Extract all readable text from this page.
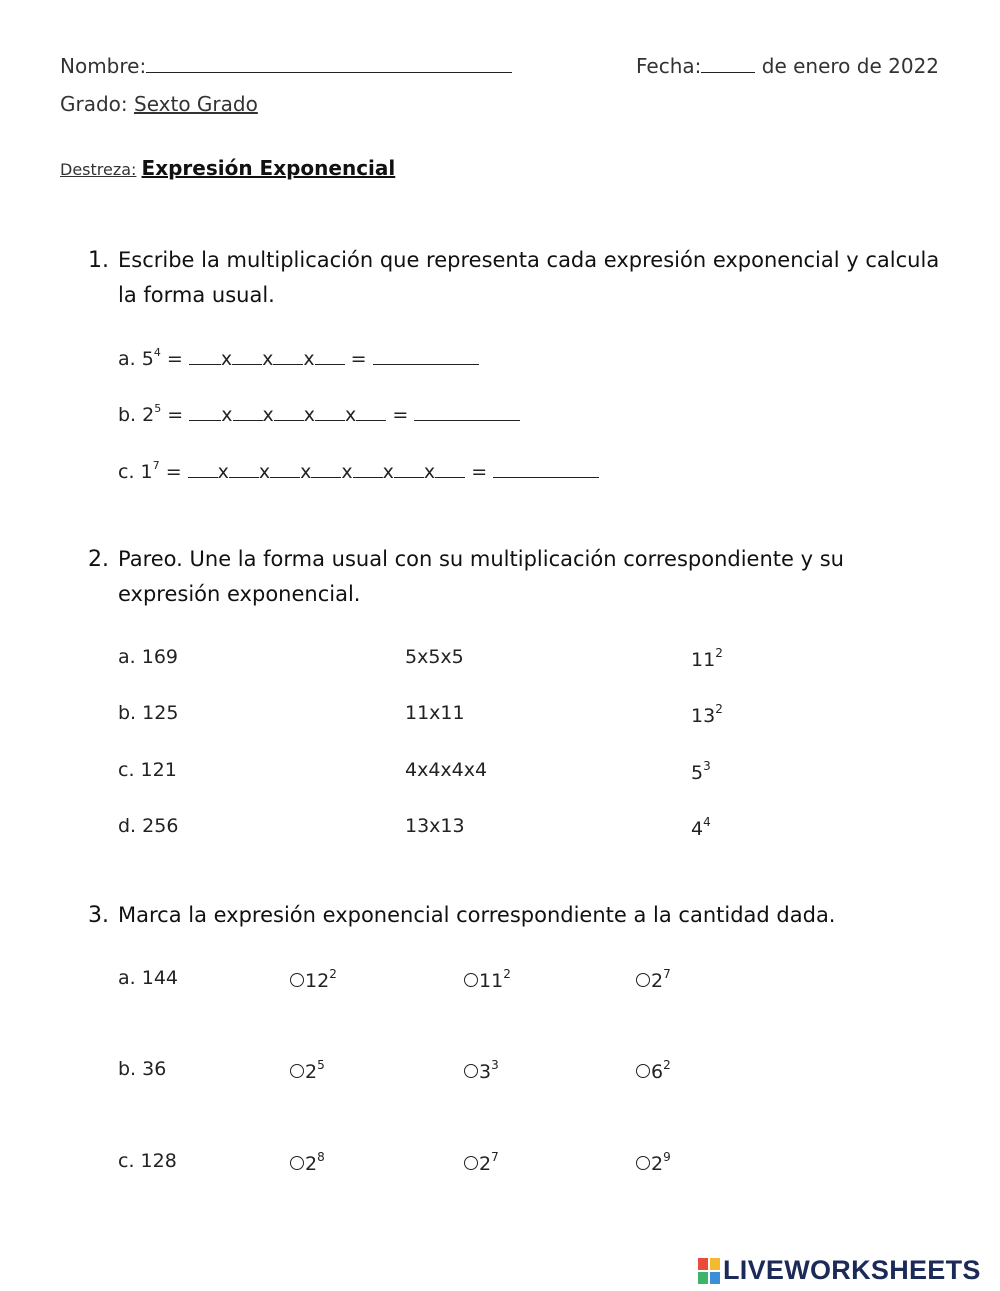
Nombre:	Fecha:	de enero de 2022
Grado: Sexto Grado
Destreza: Expresión Exponencial
1. Escribe la multiplicación que representa cada expresión exponencial y calcula
la forma usual.
a. $5^4 = x$ x x =
b. $2^5 = x$ x x x =
c. $1^7 = x$ x x x x x =
2. Pareo. Une la forma usual con su multiplicación correspondiente y su
expresión exponencial.
a. 169	5x5x5	$11^2$
b. 125	11x11	$13^2$
c. 121	4x4x4x4	$5^3$
d. 256	13x13	$4^4$
3. Marca la expresión exponencial correspondiente a la cantidad dada.
a. 144	$12^2$	$11^2$	$2^7$
b. 36	$2^5$	$3^3$	$6^2$
c. 128	$2^8$	$2^7$	$2^9$
LIVEWORKSHEETS
